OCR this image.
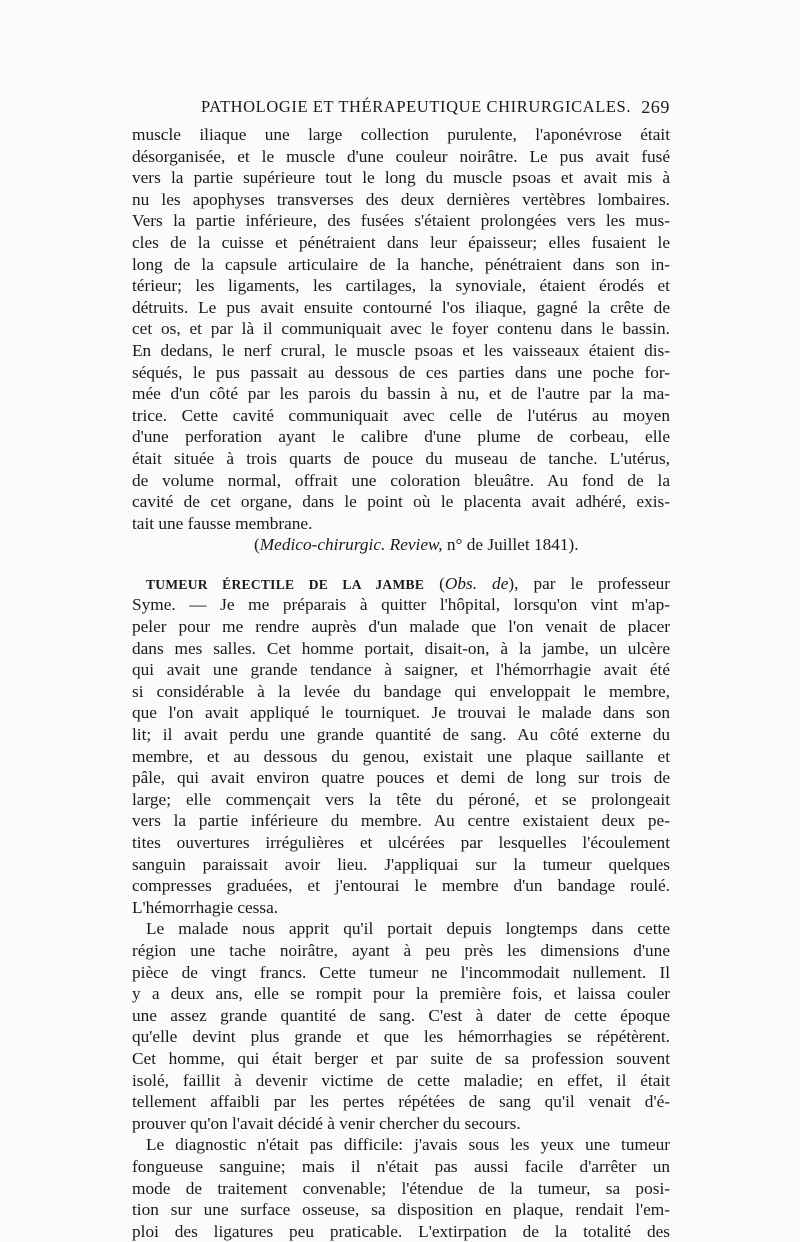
PATHOLOGIE ET THÉRAPEUTIQUE CHIRURGICALES. 269
muscle iliaque une large collection purulente, l'aponévrose était
désorganisée, et le muscle d'une couleur noirâtre. Le pus avait fusé
vers la partie supérieure tout le long du muscle psoas et avait mis à
nu les apophyses transverses des deux dernières vertèbres lombaires.
Vers la partie inférieure, des fusées s'étaient prolongées vers les mus-
cles de la cuisse et pénétraient dans leur épaisseur; elles fusaient le
long de la capsule articulaire de la hanche, pénétraient dans son in-
térieur; les ligaments, les cartilages, la synoviale, étaient érodés et
détruits. Le pus avait ensuite contourné l'os iliaque, gagné la crête de
cet os, et par là il communiquait avec le foyer contenu dans le bassin.
En dedans, le nerf crural, le muscle psoas et les vaisseaux étaient dis-
séqués, le pus passait au dessous de ces parties dans une poche for-
mée d'un côté par les parois du bassin à nu, et de l'autre par la ma-
trice. Cette cavité communiquait avec celle de l'utérus au moyen
d'une perforation ayant le calibre d'une plume de corbeau, elle
était située à trois quarts de pouce du museau de tanche. L'utérus,
de volume normal, offrait une coloration bleuâtre. Au fond de la
cavité de cet organe, dans le point où le placenta avait adhéré, exis-
tait une fausse membrane.
(Medico-chirurgic. Review, n° de Juillet 1841).
TUMEUR ÉRECTILE DE LA JAMBE (Obs. de), par le professeur
Syme. — Je me préparais à quitter l'hôpital, lorsqu'on vint m'ap-
peler pour me rendre auprès d'un malade que l'on venait de placer
dans mes salles. Cet homme portait, disait-on, à la jambe, un ulcère
qui avait une grande tendance à saigner, et l'hémorrhagie avait été
si considérable à la levée du bandage qui enveloppait le membre,
que l'on avait appliqué le tourniquet. Je trouvai le malade dans son
lit; il avait perdu une grande quantité de sang. Au côté externe du
membre, et au dessous du genou, existait une plaque saillante et
pâle, qui avait environ quatre pouces et demi de long sur trois de
large; elle commençait vers la tête du péroné, et se prolongeait
vers la partie inférieure du membre. Au centre existaient deux pe-
tites ouvertures irrégulières et ulcérées par lesquelles l'écoulement
sanguin paraissait avoir lieu. J'appliquai sur la tumeur quelques
compresses graduées, et j'entourai le membre d'un bandage roulé.
L'hémorrhagie cessa.
Le malade nous apprit qu'il portait depuis longtemps dans cette
région une tache noirâtre, ayant à peu près les dimensions d'une
pièce de vingt francs. Cette tumeur ne l'incommodait nullement. Il
y a deux ans, elle se rompit pour la première fois, et laissa couler
une assez grande quantité de sang. C'est à dater de cette époque
qu'elle devint plus grande et que les hémorrhagies se répétèrent.
Cet homme, qui était berger et par suite de sa profession souvent
isolé, faillit à devenir victime de cette maladie; en effet, il était
tellement affaibli par les pertes répétées de sang qu'il venait d'é-
prouver qu'on l'avait décidé à venir chercher du secours.
Le diagnostic n'était pas difficile: j'avais sous les yeux une tumeur
fongueuse sanguine; mais il n'était pas aussi facile d'arrêter un
mode de traitement convenable; l'étendue de la tumeur, sa posi-
tion sur une surface osseuse, sa disposition en plaque, rendait l'em-
ploi des ligatures peu praticable. L'extirpation de la totalité des
